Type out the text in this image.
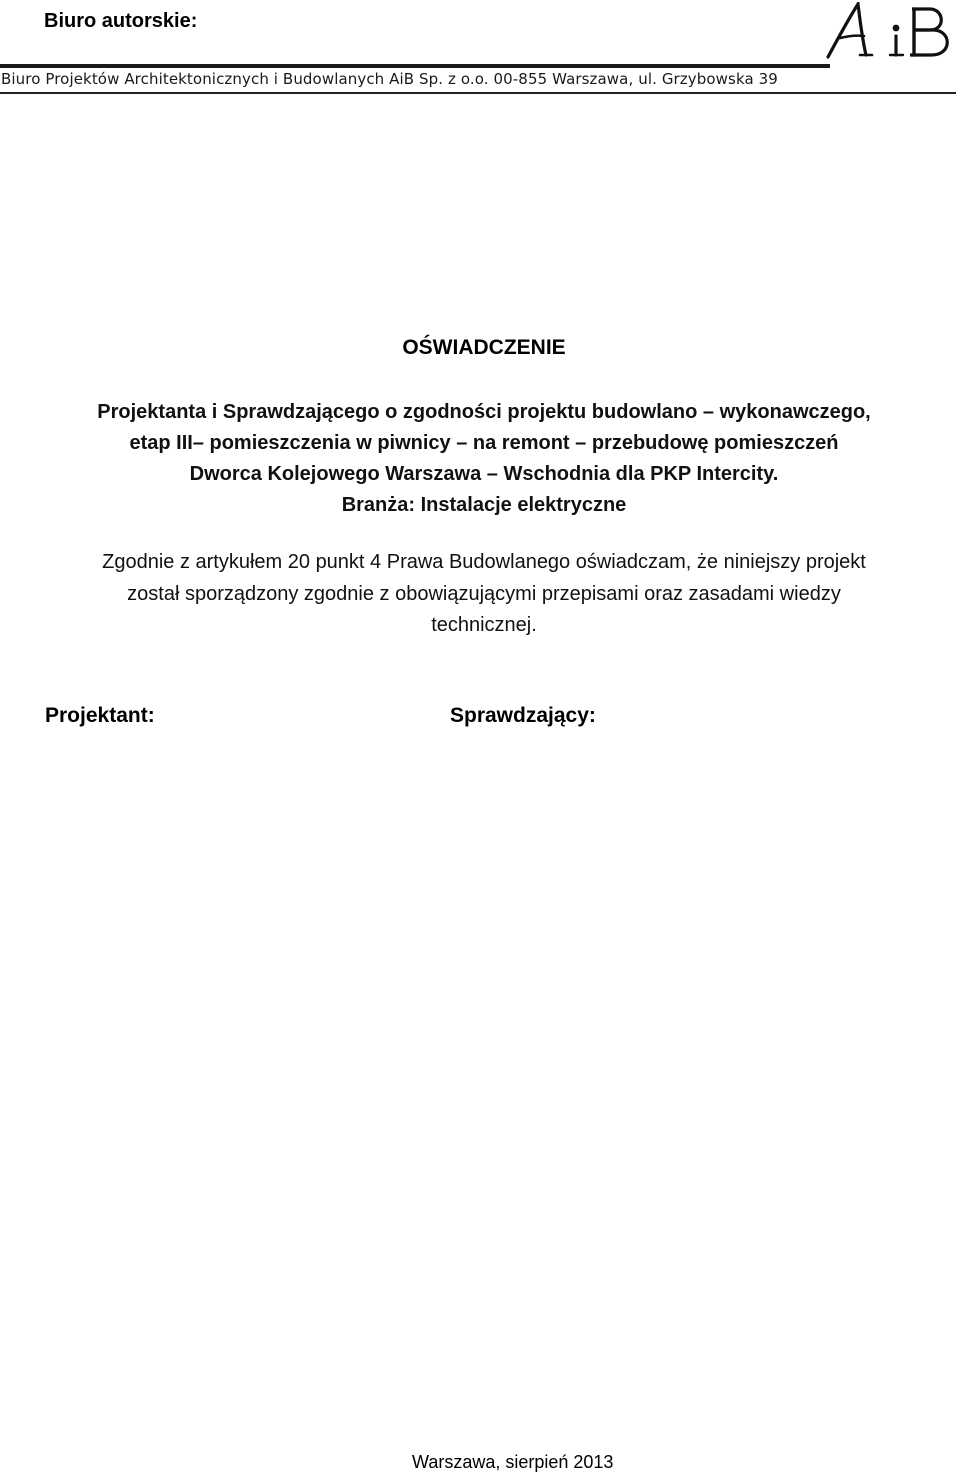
Biuro autorskie:
Biuro Projektów Architektonicznych i Budowlanych AiB Sp. z o.o. 00-855 Warszawa, ul. Grzybowska 39
OŚWIADCZENIE
Projektanta i Sprawdzającego o zgodności projektu budowlano – wykonawczego,
etap III– pomieszczenia w piwnicy – na remont – przebudowę pomieszczeń
Dworca Kolejowego Warszawa – Wschodnia dla PKP Intercity.
Branża: Instalacje elektryczne
Zgodnie z artykułem 20 punkt 4 Prawa Budowlanego oświadczam, że niniejszy projekt
został sporządzony zgodnie z obowiązującymi przepisami oraz zasadami wiedzy
technicznej.
Projektant:	Sprawdzający:
Warszawa, sierpień 2013
